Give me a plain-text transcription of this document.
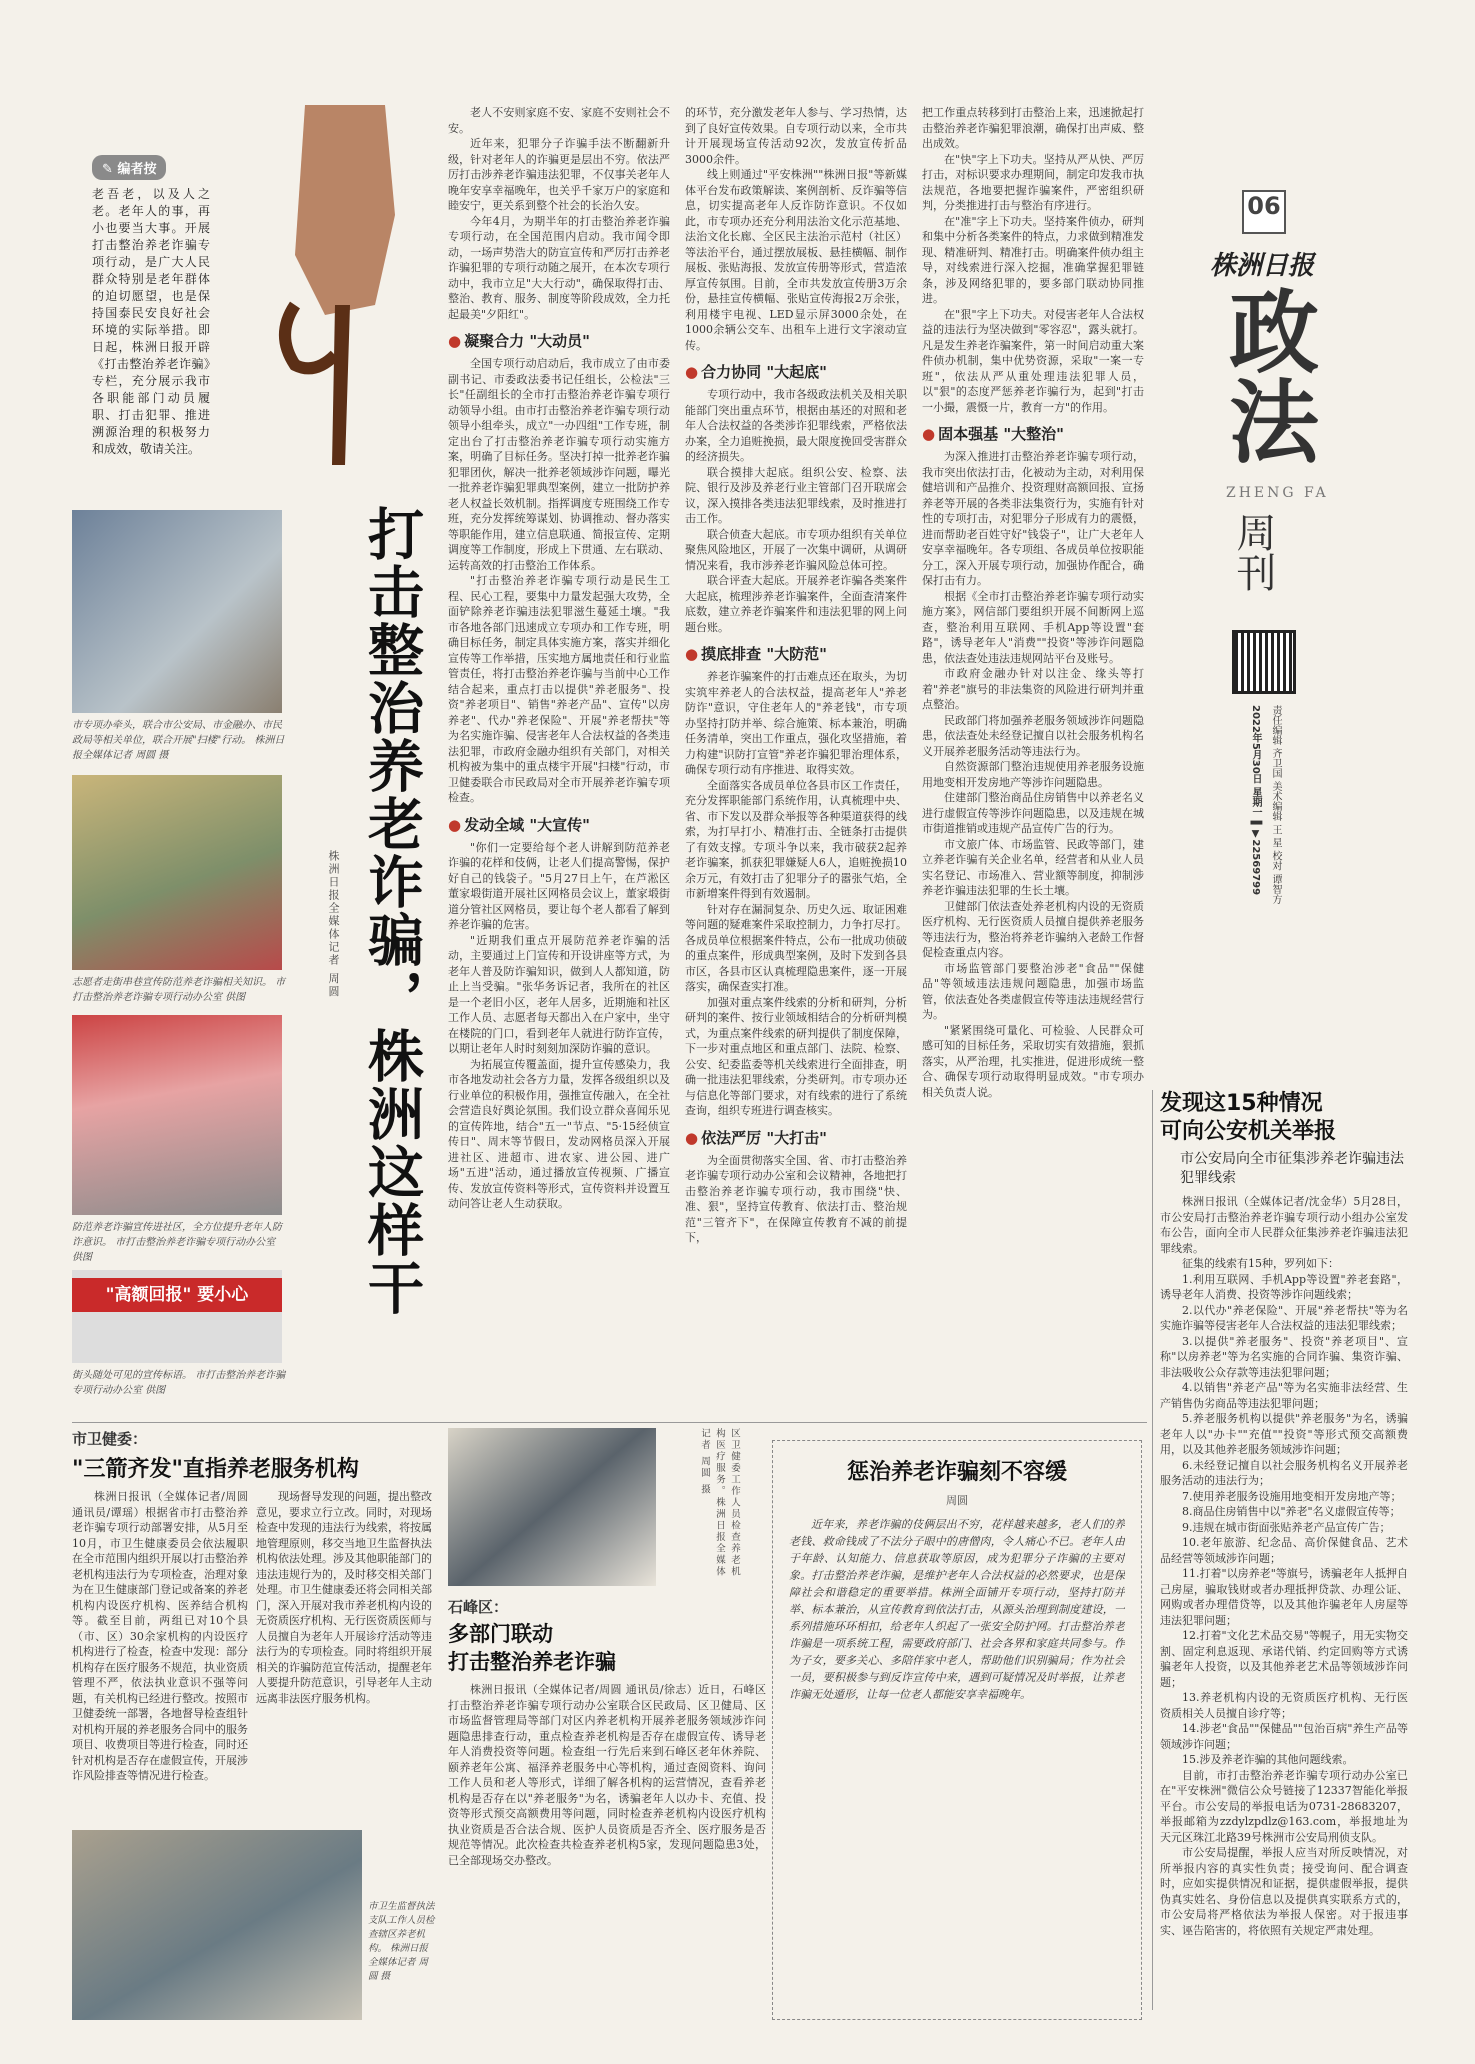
06
株洲日报
政法
ZHENG FA
周刊
责任编辑 齐卫国 美术编辑 王 星 校对 谭智方
2022年5月30日 星期一 ▌▼22569799
✎ 编者按

老吾老，以及人之老。老年人的事，再小也要当大事。开展打击整治养老诈骗专项行动，是广大人民群众特别是老年群体的迫切愿望，也是保持国泰民安良好社会环境的实际举措。即日起，株洲日报开辟《打击整治养老诈骗》专栏，充分展示我市各职能部门动员履职、打击犯罪、推进溯源治理的积极努力和成效，敬请关注。

市专项办牵头，联合市公安局、市金融办、市民政局等相关单位，联合开展"扫楼"行动。 株洲日报全媒体记者 周圆 摄
志愿者走街串巷宣传防范养老诈骗相关知识。 市打击整治养老诈骗专项行动办公室 供图
防范养老诈骗宣传进社区，全方位提升老年人防诈意识。 市打击整治养老诈骗专项行动办公室 供图
"高额回报" 要小心
街头随处可见的宣传标语。 市打击整治养老诈骗专项行动办公室 供图
打击整治养老诈骗，株洲这样干
株洲日报全媒体记者 周圆

老人不安则家庭不安、家庭不安则社会不安。

近年来，犯罪分子诈骗手法不断翻新升级，针对老年人的诈骗更是层出不穷。依法严厉打击涉养老诈骗违法犯罪，不仅事关老年人晚年安享幸福晚年，也关乎千家万户的家庭和睦安宁，更关系到整个社会的长治久安。

今年4月，为期半年的打击整治养老诈骗专项行动，在全国范围内启动。我市闻令即动，一场声势浩大的防宣宣传和严厉打击养老诈骗犯罪的专项行动随之展开，在本次专项行动中，我市立足"大大行动"，确保取得打击、整治、教育、服务、制度等阶段成效，全力托起最美"夕阳红"。

● 凝聚合力 "大动员"

全国专项行动启动后，我市成立了由市委副书记、市委政法委书记任组长，公检法"三长"任副组长的全市打击整治养老诈骗专项行动领导小组。由市打击整治养老诈骗专项行动领导小组牵头，成立"一办四组"工作专班，制定出台了打击整治养老诈骗专项行动实施方案，明确了目标任务。坚决打掉一批养老诈骗犯罪团伙，解决一批养老领域涉诈问题，曝光一批养老诈骗犯罪典型案例，建立一批防护养老人权益长效机制。指挥调度专班围绕工作专班，充分发挥统筹谋划、协调推动、督办落实等职能作用，建立信息联通、简报宣传、定期调度等工作制度，形成上下贯通、左右联动、运转高效的打击整治工作体系。

"打击整治养老诈骗专项行动是民生工程、民心工程，要集中力量发起强大攻势，全面铲除养老诈骗违法犯罪滋生蔓延土壤。"我市各地各部门迅速成立专项办和工作专班，明确目标任务，制定具体实施方案，落实并细化宣传等工作举措，压实地方属地责任和行业监管责任，将打击整治养老诈骗与当前中心工作结合起来，重点打击以提供"养老服务"、投资"养老项目"、销售"养老产品"、宣传"以房养老"、代办"养老保险"、开展"养老帮扶"等为名实施诈骗、侵害老年人合法权益的各类违法犯罪，市政府金融办组织有关部门，对相关机构被为集中的重点楼宇开展"扫楼"行动，市卫健委联合市民政局对全市开展养老诈骗专项检查。

● 发动全域 "大宣传"

"你们一定要给每个老人讲解到防范养老诈骗的花样和伎俩，让老人们提高警惕，保护好自己的钱袋子。"5月27日上午，在芦淞区董家塅街道开展社区网格员会议上，董家塅街道分管社区网格员，要让每个老人都看了解到养老诈骗的危害。

"近期我们重点开展防范养老诈骗的活动，主要通过上门宣传和开设讲座等方式，为老年人普及防诈骗知识，做到人人都知道，防止上当受骗。"张华务诉记者，我所在的社区是一个老旧小区，老年人居多，近期施和社区工作人员、志愿者每天都出入在户家中，坐守在楼院的门口，看到老年人就进行防诈宣传，以期让老年人时时刻刻加深防诈骗的意识。

为拓展宣传覆盖面，提升宣传感染力，我市各地发动社会各方力量，发挥各级组织以及行业单位的积极作用，强推宣传融入，在全社会营造良好舆论氛围。我们设立群众喜闻乐见的宣传阵地，结合"五一"节点、"5·15经侦宣传日"、周末等节假日，发动网格员深入开展进社区、进超市、进农家、进公园、进广场"五进"活动，通过播放宣传视频、广播宣传、发放宣传资料等形式，宣传资料并设置互动问答让老人生动获取。

的环节，充分激发老年人参与、学习热情，达到了良好宣传效果。自专项行动以来，全市共计开展现场宣传活动92次，发放宣传折品3000余件。

线上则通过"平安株洲""株洲日报"等新媒体平台发布政策解读、案例剖析、反诈骗等信息，切实提高老年人反诈防诈意识。不仅如此，市专项办还充分利用法治文化示范基地、法治文化长廊、全区民主法治示范村（社区）等法治平台，通过摆放展板、悬挂横幅、制作展板、张贴海报、发放宣传册等形式，营造浓厚宣传氛围。目前，全市共发放宣传册3万余份，悬挂宣传横幅、张贴宣传海报2万余张，利用楼宇电视、LED显示屏3000余处，在1000余辆公交车、出租车上进行文字滚动宣传。

● 合力协同 "大起底"

专项行动中，我市各级政法机关及相关职能部门突出重点环节，根据由基还的对照和老年人合法权益的各类涉诈犯罪线索，严格依法办案，全力追赃挽损，最大限度挽回受害群众的经济损失。

联合摸排大起底。组织公安、检察、法院、银行及涉及养老行业主管部门召开联席会议，深入摸排各类违法犯罪线索，及时推进打击工作。

联合侦查大起底。市专项办组织有关单位聚焦风险地区，开展了一次集中调研，从调研情况来看，我市涉养老诈骗风险总体可控。

联合评查大起底。开展养老诈骗各类案件大起底，梳理涉养老诈骗案件，全面查清案件底数，建立养老诈骗案件和违法犯罪的网上问题台账。

● 摸底排查 "大防范"

养老诈骗案件的打击难点还在取头，为切实筑牢养老人的合法权益，提高老年人"养老防诈"意识，守住老年人的"养老钱"，市专项办坚持打防并举、综合施策、标本兼治，明确任务清单，突出工作重点，强化攻坚措施，着力构建"识防打宣管"养老诈骗犯罪治理体系，确保专项行动有序推进、取得实效。

全面落实各成员单位各县市区工作责任，充分发挥职能部门系统作用，认真梳理中央、省、市下发以及群众举报等各种渠道获得的线索，为打早打小、精准打击、全链条打击提供了有效支撑。专项斗争以来，我市破获2起养老诈骗案，抓获犯罪嫌疑人6人，追赃挽损10余万元，有效打击了犯罪分子的嚣张气焰，全市新增案件得到有效遏制。

针对存在漏洞复杂、历史久远、取证困难等问题的疑难案件采取控制力，力争打尽打。各成员单位根据案件特点，公布一批成功侦破的重点案件，形成典型案例，及时下发到各县市区，各县市区认真梳理隐患案件，逐一开展落实，确保查实打准。

加强对重点案件线索的分析和研判，分析研判的案件、按行业领域相结合的分析研判模式，为重点案件线索的研判提供了制度保障，下一步对重点地区和重点部门、法院、检察、公安、纪委监委等机关线索进行全面排查，明确一批违法犯罪线索，分类研判。市专项办还与信息化等部门要求，对有线索的进行了系统查询，组织专班进行调查核实。

● 依法严厉 "大打击"

为全面贯彻落实全国、省、市打击整治养老诈骗专项行动办公室和会议精神，各地把打击整治养老诈骗专项行动，我市围绕"快、准、狠"，坚持宣传教育、依法打击、整治规范"三管齐下"，在保障宣传教育不减的前提下，

把工作重点转移到打击整治上来，迅速掀起打击整治养老诈骗犯罪浪潮，确保打出声威、整出成效。

在"快"字上下功夫。坚持从严从快、严厉打击，对标识要求办理期间，制定印发我市执法规范，各地要把握诈骗案件，严密组织研判，分类推进打击与整治有序进行。

在"准"字上下功夫。坚持案件侦办，研判和集中分析各类案件的特点，力求做到精准发现、精准研判、精准打击。明确案件侦办组主导，对线索进行深入挖掘，准确掌握犯罪链条，涉及网络犯罪的，要多部门联动协同推进。

在"狠"字上下功夫。对侵害老年人合法权益的违法行为坚决做到"零容忍"，露头就打。凡是发生养老诈骗案件，第一时间启动重大案件侦办机制，集中优势资源，采取"一案一专班"，依法从严从重处理违法犯罪人员，以"狠"的态度严惩养老诈骗行为，起到"打击一小撮，震慑一片，教育一方"的作用。

● 固本强基 "大整治"

为深入推进打击整治养老诈骗专项行动，我市突出依法打击，化被动为主动，对利用保健培训和产品推介、投资理财高额回报、宣扬养老等开展的各类非法集资行为，实施有针对性的专项打击，对犯罪分子形成有力的震慑，进而帮助老百姓守好"钱袋子"，让广大老年人安享幸福晚年。各专项组、各成员单位按职能分工，深入开展专项行动，加强协作配合，确保打击有力。

根据《全市打击整治养老诈骗专项行动实施方案》，网信部门要组织开展不间断网上巡查，整治利用互联网、手机App等设置"套路"，诱导老年人"消费""投资"等涉诈问题隐患，依法查处违法违规网站平台及账号。

市政府金融办针对以注金、缘头等打着"养老"旗号的非法集资的风险进行研判并重点整治。

民政部门将加强养老服务领域涉诈问题隐患，依法查处未经登记擅自以社会服务机构名义开展养老服务活动等违法行为。

自然资源部门整治违规使用养老服务设施用地变相开发房地产等涉诈问题隐患。

住建部门整治商品住房销售中以养老名义进行虚假宣传等涉诈问题隐患，以及违规在城市街道推销或违规产品宣传广告的行为。

市文旅广体、市场监管、民政等部门，建立养老诈骗有关企业名单，经营者和从业人员实名登记、市场准入、营业额等制度，抑制涉养老诈骗违法犯罪的生长土壤。

卫健部门依法查处养老机构内设的无资质医疗机构、无行医资质人员擅自提供养老服务等违法行为，整治将养老诈骗纳入老龄工作督促检查重点内容。

市场监管部门要整治涉老"食品""保健品"等领域违法违规问题隐患，加强市场监管，依法查处各类虚假宣传等违法违规经营行为。

"紧紧围绕可量化、可检验、人民群众可感可知的目标任务，采取切实有效措施，狠抓落实，从严治理，扎实推进，促进形成统一整合、确保专项行动取得明显成效。"市专项办相关负责人说。	发现这15种情况
可向公安机关举报
市公安局向全市征集涉养老诈骗违法犯罪线索

株洲日报讯（全媒体记者/沈金华）5月28日，市公安局打击整治养老诈骗专项行动小组办公室发布公告，面向全市人民群众征集涉养老诈骗违法犯罪线索。

征集的线索有15种，罗列如下：

1.利用互联网、手机App等设置"养老套路"，诱导老年人消费、投资等涉诈问题线索；

2.以代办"养老保险"、开展"养老帮扶"等为名实施诈骗等侵害老年人合法权益的违法犯罪线索；

3.以提供"养老服务"、投资"养老项目"、宣称"以房养老"等为名实施的合同诈骗、集资诈骗、非法吸收公众存款等违法犯罪问题；

4.以销售"养老产品"等为名实施非法经营、生产销售伪劣商品等违法犯罪问题；

5.养老服务机构以提供"养老服务"为名，诱骗老年人以"办卡""充值""投资"等形式预交高额费用，以及其他养老服务领域涉诈问题；

6.未经登记擅自以社会服务机构名义开展养老服务活动的违法行为；

7.使用养老服务设施用地变相开发房地产等；

8.商品住房销售中以"养老"名义虚假宣传等；

9.违规在城市街面张贴养老产品宣传广告；

10.老年旅游、纪念品、高价保健食品、艺术品经营等领域涉诈问题；

11.打着"以房养老"等旗号，诱骗老年人抵押自己房屋，骗取钱财或者办理抵押贷款、办理公证、网购或者办理借贷等，以及其他诈骗老年人房屋等违法犯罪问题；

12.打着"文化艺术品交易"等幌子，用无实物交割、固定利息返现、承诺代销、约定回购等方式诱骗老年人投资，以及其他养老艺术品等领域涉诈问题；

13.养老机构内设的无资质医疗机构、无行医资质相关人员擅自诊疗等；

14.涉老"食品""保健品""包治百病"养生产品等领域涉诈问题；

15.涉及养老诈骗的其他问题线索。

目前，市打击整治养老诈骗专项行动办公室已在"平安株洲"微信公众号链接了12337智能化举报平台。市公安局的举报电话为0731-28683207，举报邮箱为zzdylzpdlz@163.com，举报地址为天元区珠江北路39号株洲市公安局刑侦支队。

市公安局提醒，举报人应当对所反映情况，对所举报内容的真实性负责；接受询问、配合调查时，应如实提供情况和证据，提供虚假举报，提供伪真实姓名、身份信息以及提供真实联系方式的，市公安局将严格依法为举报人保密。对于报违事实、诬告陷害的，将依照有关规定严肃处理。

市卫健委：
"三箭齐发"直指养老服务机构

株洲日报讯（全媒体记者/周圆 通讯员/谭瑶）根据省市打击整治养老诈骗专项行动部署安排，从5月至10月，市卫生健康委员会依法履职在全市范围内组织开展以打击整治养老机构违法行为专项检查，治理对象为在卫生健康部门登记或备案的养老机构内设医疗机构、医养结合机构等。截至目前，两组已对10个县（市、区）30余家机构的内设医疗机构进行了检查，检查中发现：部分机构存在医疗服务不规范，执业资质管理不严，依法执业意识不强等问题，有关机构已经进行整改。按照市卫健委统一部署，各地督导检查组针对机构开展的养老服务合同中的服务项目、收费项目等进行检查，同时还针对机构是否存在虚假宣传，开展涉诈风险排查等情况进行检查。

现场督导发现的问题，提出整改意见，要求立行立改。同时，对现场检查中发现的违法行为线索，将按属地管理原则，移交当地卫生监督执法机构依法处理。涉及其他职能部门的违法违规行为的，及时移交相关部门处理。市卫生健康委还将会同相关部门，深入开展对我市养老机构内设的无资质医疗机构、无行医资质医师与人员擅自为老年人开展诊疗活动等违法行为的专项检查。同时将组织开展相关的诈骗防范宣传活动，提醒老年人要提升防范意识，引导老年人主动远离非法医疗服务机构。

市卫生监督执法支队工作人员检查辖区养老机构。 株洲日报全媒体记者 周圆 摄
区卫健委工作人员检查养老机构医疗服务。株洲日报全媒体记者 周圆 摄
石峰区：
多部门联动
打击整治养老诈骗

株洲日报讯（全媒体记者/周圆 通讯员/徐志）近日，石峰区打击整治养老诈骗专项行动办公室联合区民政局、区卫健局、区市场监督管理局等部门对区内养老机构开展养老服务领域涉诈问题隐患排查行动，重点检查养老机构是否存在虚假宣传、诱导老年人消费投资等问题。检查组一行先后来到石峰区老年休养院、颐养老年公寓、福泽养老服务中心等机构，通过查阅资料、询问工作人员和老人等形式，详细了解各机构的运营情况，查看养老机构是否存在以"养老服务"为名，诱骗老年人以办卡、充值、投资等形式预交高额费用等问题，同时检查养老机构内设医疗机构执业资质是否合法合规、医护人员资质是否齐全、医疗服务是否规范等情况。此次检查共检查养老机构5家，发现问题隐患3处，已全部现场交办整改。

惩治养老诈骗刻不容缓
周圆

近年来，养老诈骗的伎俩层出不穷，花样越来越多，老人们的养老钱、救命钱成了不法分子眼中的唐僧肉，令人痛心不已。老年人由于年龄、认知能力、信息获取等原因，成为犯罪分子诈骗的主要对象。打击整治养老诈骗，是维护老年人合法权益的必然要求，也是保障社会和谐稳定的重要举措。株洲全面铺开专项行动，坚持打防并举、标本兼治，从宣传教育到依法打击，从源头治理到制度建设，一系列措施环环相扣，给老年人织起了一张安全防护网。打击整治养老诈骗是一项系统工程，需要政府部门、社会各界和家庭共同参与。作为子女，要多关心、多陪伴家中老人，帮助他们识别骗局；作为社会一员，要积极参与到反诈宣传中来，遇到可疑情况及时举报，让养老诈骗无处遁形，让每一位老人都能安享幸福晚年。
